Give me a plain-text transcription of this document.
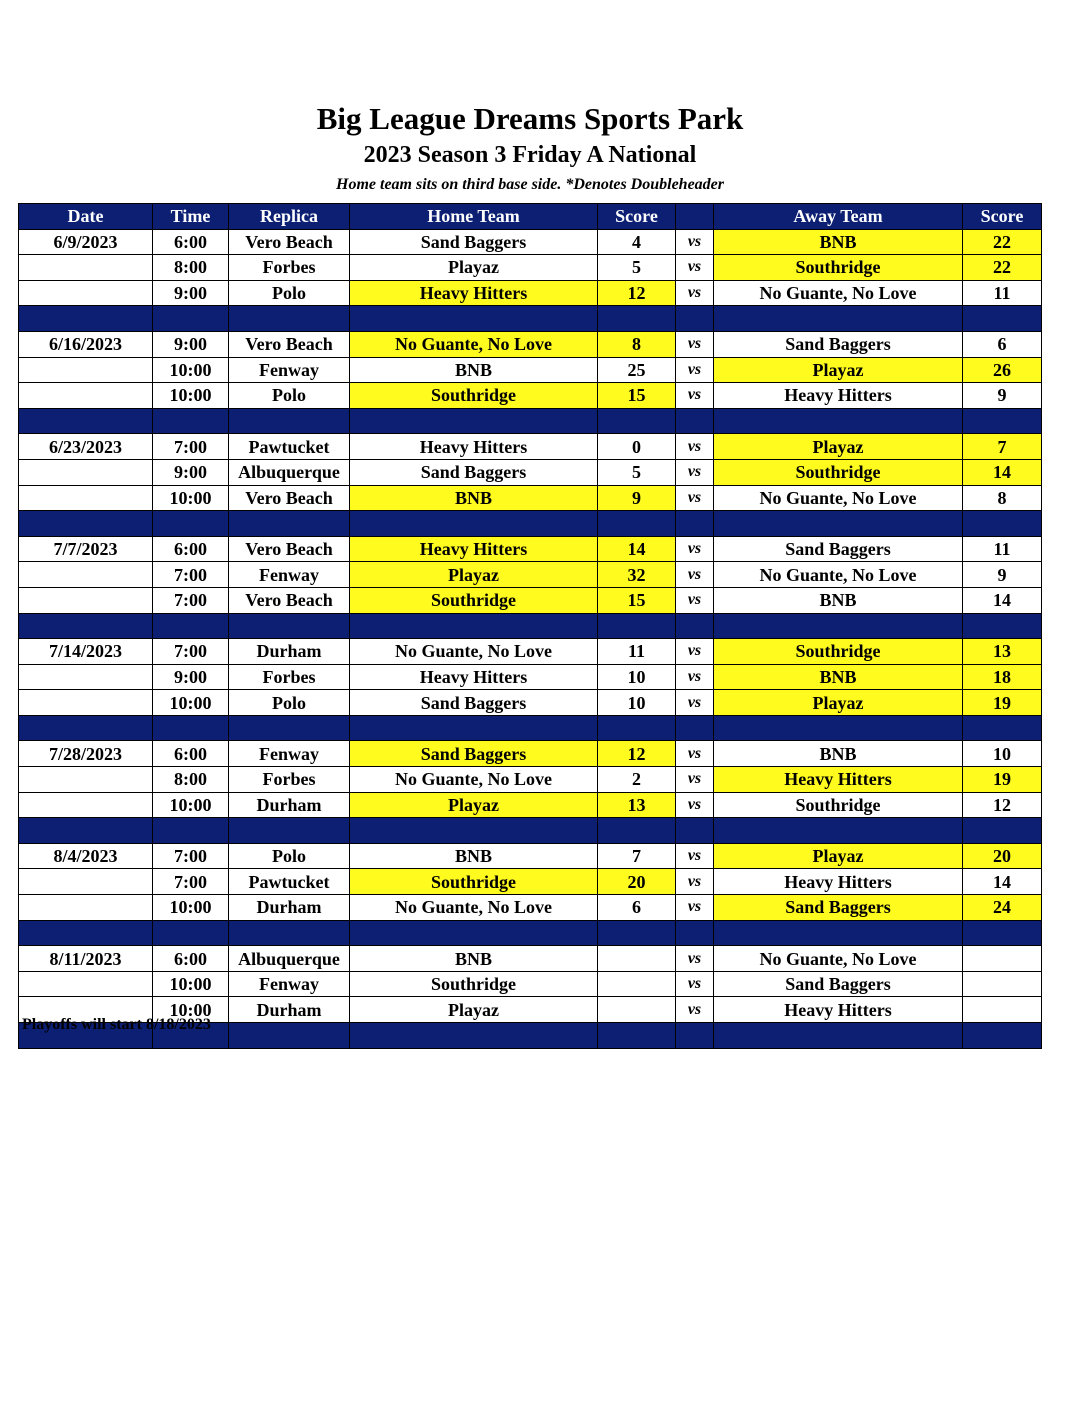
Big League Dreams Sports Park
2023 Season 3 Friday A National
Home team sits on third base side. *Denotes Doubleheader
Date	Time	Replica	Home Team	Score		Away Team	Score
6/9/2023	6:00	Vero Beach	Sand Baggers	4	vs	BNB	22
	8:00	Forbes	Playaz	5	vs	Southridge	22
	9:00	Polo	Heavy Hitters	12	vs	No Guante, No Love	11

6/16/2023	9:00	Vero Beach	No Guante, No Love	8	vs	Sand Baggers	6
	10:00	Fenway	BNB	25	vs	Playaz	26
	10:00	Polo	Southridge	15	vs	Heavy Hitters	9

6/23/2023	7:00	Pawtucket	Heavy Hitters	0	vs	Playaz	7
	9:00	Albuquerque	Sand Baggers	5	vs	Southridge	14
	10:00	Vero Beach	BNB	9	vs	No Guante, No Love	8

7/7/2023	6:00	Vero Beach	Heavy Hitters	14	vs	Sand Baggers	11
	7:00	Fenway	Playaz	32	vs	No Guante, No Love	9
	7:00	Vero Beach	Southridge	15	vs	BNB	14

7/14/2023	7:00	Durham	No Guante, No Love	11	vs	Southridge	13
	9:00	Forbes	Heavy Hitters	10	vs	BNB	18
	10:00	Polo	Sand Baggers	10	vs	Playaz	19

7/28/2023	6:00	Fenway	Sand Baggers	12	vs	BNB	10
	8:00	Forbes	No Guante, No Love	2	vs	Heavy Hitters	19
	10:00	Durham	Playaz	13	vs	Southridge	12

8/4/2023	7:00	Polo	BNB	7	vs	Playaz	20
	7:00	Pawtucket	Southridge	20	vs	Heavy Hitters	14
	10:00	Durham	No Guante, No Love	6	vs	Sand Baggers	24

8/11/2023	6:00	Albuquerque	BNB		vs	No Guante, No Love	
	10:00	Fenway	Southridge		vs	Sand Baggers	
	10:00	Durham	Playaz		vs	Heavy Hitters	

Playoffs will start 8/18/2023
